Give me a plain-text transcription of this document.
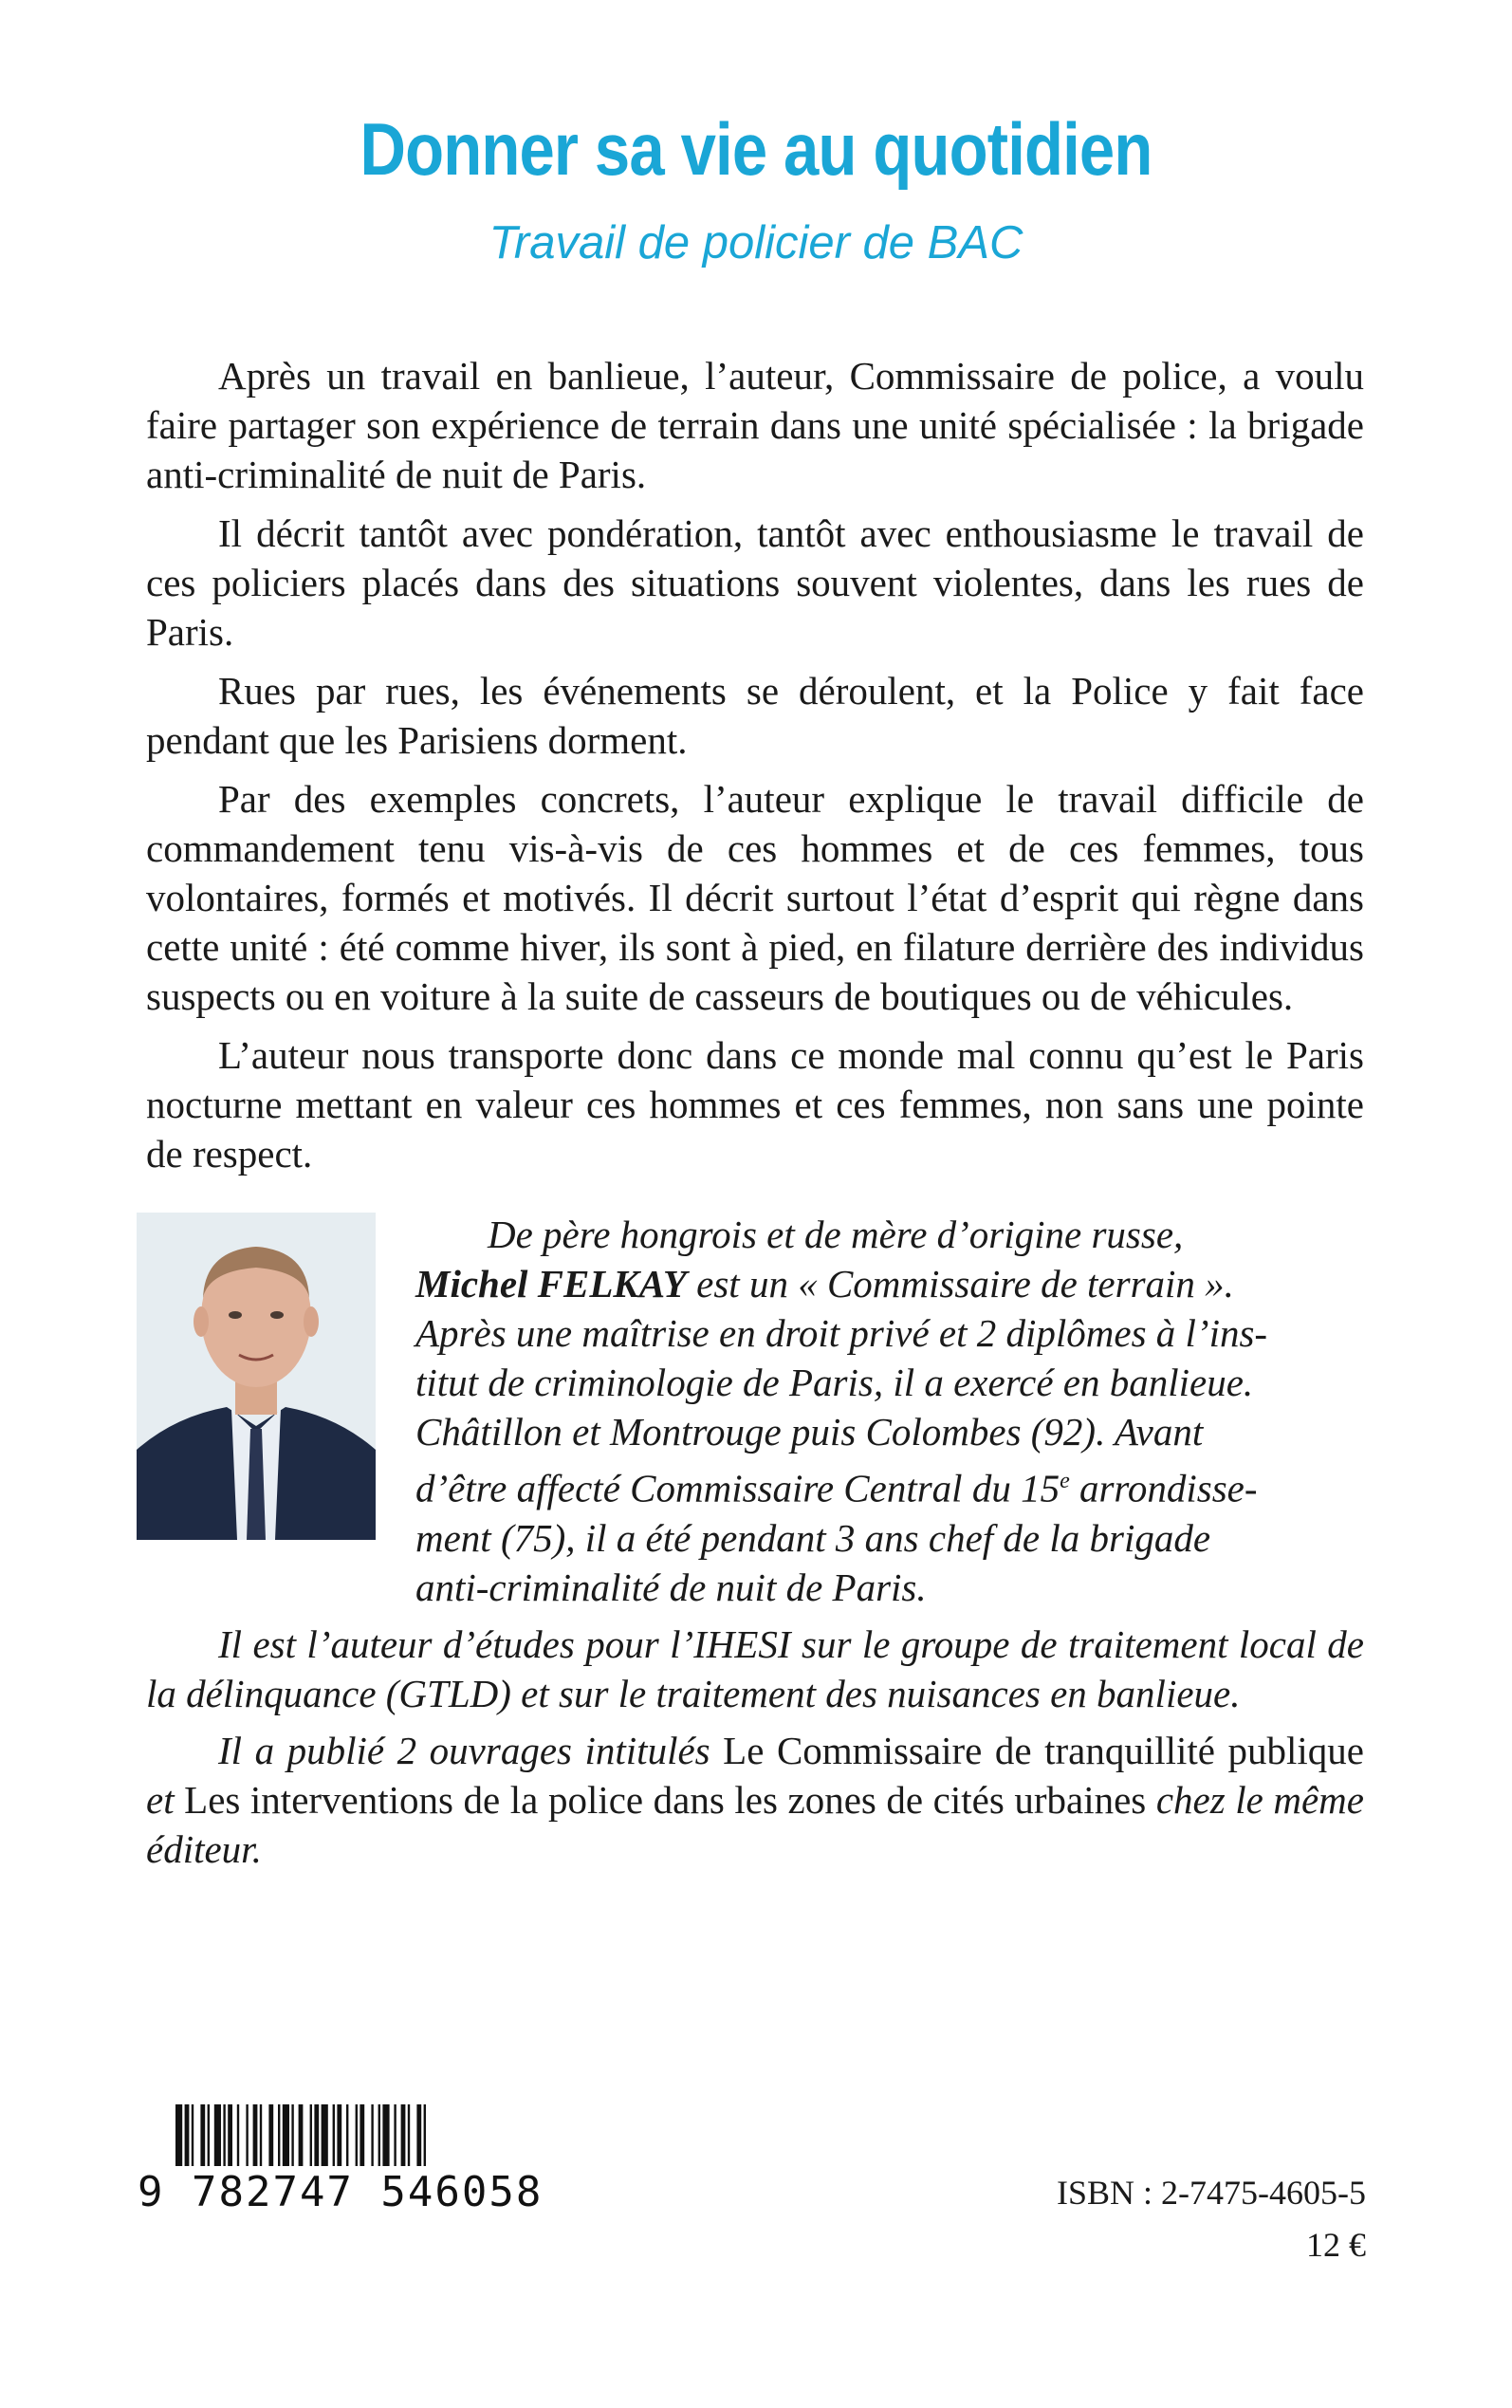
Donner sa vie au quotidien
Travail de policier de BAC

Après un travail en banlieue, l’auteur, Commissaire de police, a voulu faire partager son expérience de terrain dans une unité spécialisée : la brigade anti-criminalité de nuit de Paris.

Il décrit tantôt avec pondération, tantôt avec enthousiasme le travail de ces policiers placés dans des situations souvent violentes, dans les rues de Paris.

Rues par rues, les événements se déroulent, et la Police y fait face pendant que les Parisiens dorment.

Par des exemples concrets, l’auteur explique le travail difficile de commandement tenu vis-à-vis de ces hommes et de ces femmes, tous volontaires, formés et motivés. Il décrit surtout l’état d’esprit qui règne dans cette unité : été comme hiver, ils sont à pied, en filature derrière des individus suspects ou en voiture à la suite de casseurs de boutiques ou de véhicules.

L’auteur nous transporte donc dans ce monde mal connu qu’est le Paris nocturne mettant en valeur ces hommes et ces femmes, non sans une pointe de respect.

De père hongrois et de mère d’origine russe,

Michel FELKAY est un « Commissaire de terrain ».

Après une maîtrise en droit privé et 2 diplômes à l’ins-

titut de criminologie de Paris, il a exercé en banlieue.

Châtillon et Montrouge puis Colombes (92). Avant

d’être affecté Commissaire Central du 15e arrondisse-

ment (75), il a été pendant 3 ans chef de la brigade

anti-criminalité de nuit de Paris.

Il est l’auteur d’études pour l’IHESI sur le groupe de traitement local de la délinquance (GTLD) et sur le traitement des nuisances en banlieue.

Il a publié 2 ouvrages intitulés Le Commissaire de tranquillité publique et Les interventions de la police dans les zones de cités urbaines chez le même éditeur.

9 782747 546058	ISBN : 2-7475-4605-5
12 €
